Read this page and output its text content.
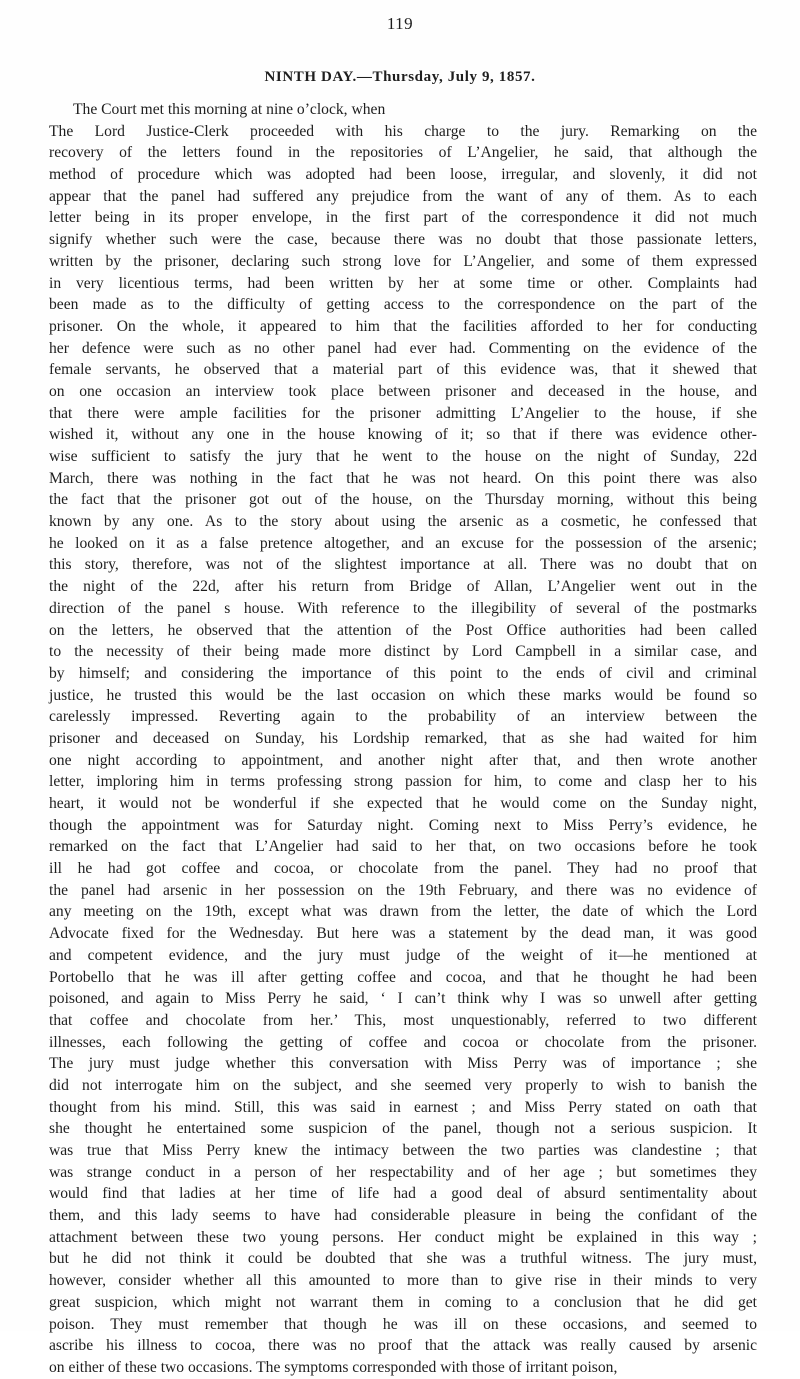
119
NINTH DAY.—Thursday, July 9, 1857.
The Court met this morning at nine o’clock, when
The Lord Justice-Clerk proceeded with his charge to the jury. Remarking on the
recovery of the letters found in the repositories of L’Angelier, he said, that although the
method of procedure which was adopted had been loose, irregular, and slovenly, it did not
appear that the panel had suffered any prejudice from the want of any of them. As to each
letter being in its proper envelope, in the first part of the correspondence it did not much
signify whether such were the case, because there was no doubt that those passionate letters,
written by the prisoner, declaring such strong love for L’Angelier, and some of them expressed
in very licentious terms, had been written by her at some time or other. Complaints had
been made as to the difficulty of getting access to the correspondence on the part of the
prisoner. On the whole, it appeared to him that the facilities afforded to her for conducting
her defence were such as no other panel had ever had. Commenting on the evidence of the
female servants, he observed that a material part of this evidence was, that it shewed that
on one occasion an interview took place between prisoner and deceased in the house, and
that there were ample facilities for the prisoner admitting L’Angelier to the house, if she
wished it, without any one in the house knowing of it; so that if there was evidence other-
wise sufficient to satisfy the jury that he went to the house on the night of Sunday, 22d
March, there was nothing in the fact that he was not heard. On this point there was also
the fact that the prisoner got out of the house, on the Thursday morning, without this being
known by any one. As to the story about using the arsenic as a cosmetic, he confessed that
he looked on it as a false pretence altogether, and an excuse for the possession of the arsenic;
this story, therefore, was not of the slightest importance at all. There was no doubt that on
the night of the 22d, after his return from Bridge of Allan, L’Angelier went out in the
direction of the panel s house. With reference to the illegibility of several of the postmarks
on the letters, he observed that the attention of the Post Office authorities had been called
to the necessity of their being made more distinct by Lord Campbell in a similar case, and
by himself; and considering the importance of this point to the ends of civil and criminal
justice, he trusted this would be the last occasion on which these marks would be found so
carelessly impressed. Reverting again to the probability of an interview between the
prisoner and deceased on Sunday, his Lordship remarked, that as she had waited for him
one night according to appointment, and another night after that, and then wrote another
letter, imploring him in terms professing strong passion for him, to come and clasp her to his
heart, it would not be wonderful if she expected that he would come on the Sunday night,
though the appointment was for Saturday night. Coming next to Miss Perry’s evidence, he
remarked on the fact that L’Angelier had said to her that, on two occasions before he took
ill he had got coffee and cocoa, or chocolate from the panel. They had no proof that
the panel had arsenic in her possession on the 19th February, and there was no evidence of
any meeting on the 19th, except what was drawn from the letter, the date of which the Lord
Advocate fixed for the Wednesday. But here was a statement by the dead man, it was good
and competent evidence, and the jury must judge of the weight of it—he mentioned at
Portobello that he was ill after getting coffee and cocoa, and that he thought he had been
poisoned, and again to Miss Perry he said, ‘ I can’t think why I was so unwell after getting
that coffee and chocolate from her.’ This, most unquestionably, referred to two different
illnesses, each following the getting of coffee and cocoa or chocolate from the prisoner.
The jury must judge whether this conversation with Miss Perry was of importance ; she
did not interrogate him on the subject, and she seemed very properly to wish to banish the
thought from his mind. Still, this was said in earnest ; and Miss Perry stated on oath that
she thought he entertained some suspicion of the panel, though not a serious suspicion. It
was true that Miss Perry knew the intimacy between the two parties was clandestine ; that
was strange conduct in a person of her respectability and of her age ; but sometimes they
would find that ladies at her time of life had a good deal of absurd sentimentality about
them, and this lady seems to have had considerable pleasure in being the confidant of the
attachment between these two young persons. Her conduct might be explained in this way ;
but he did not think it could be doubted that she was a truthful witness. The jury must,
however, consider whether all this amounted to more than to give rise in their minds to very
great suspicion, which might not warrant them in coming to a conclusion that he did get
poison. They must remember that though he was ill on these occasions, and seemed to
ascribe his illness to cocoa, there was no proof that the attack was really caused by arsenic
on either of these two occasions. The symptoms corresponded with those of irritant poison,
